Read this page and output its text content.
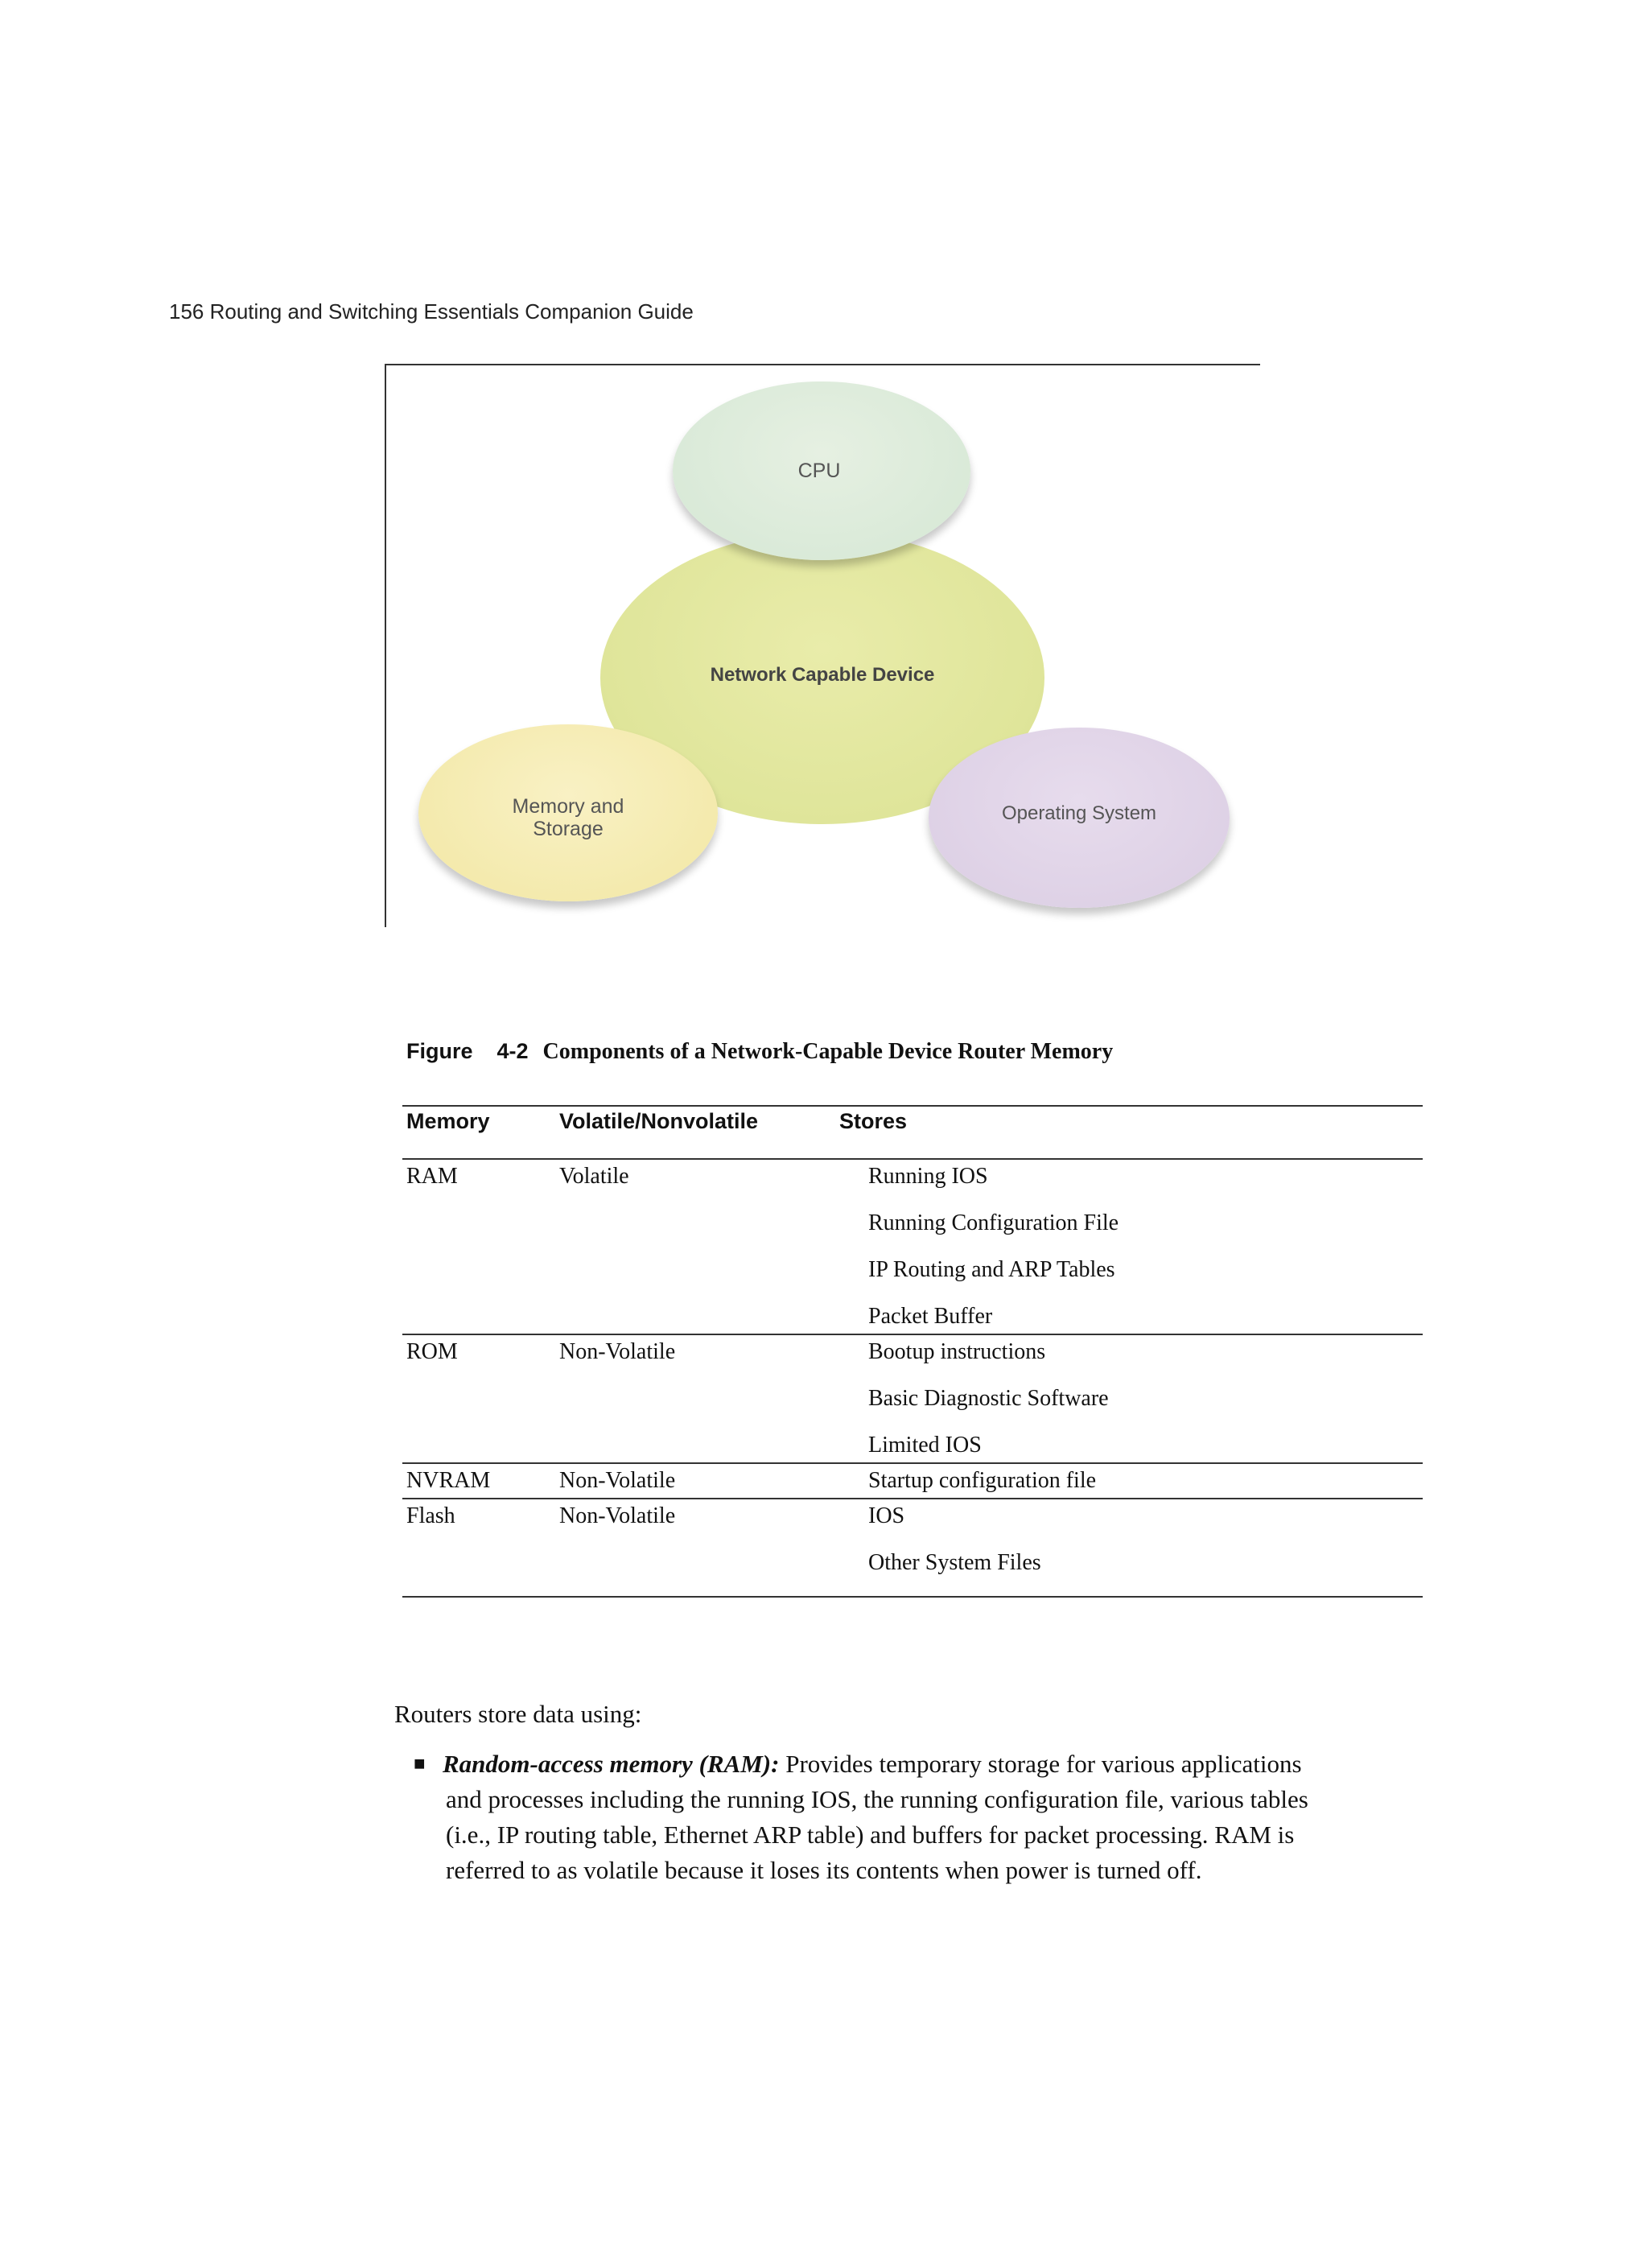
156 Routing and Switching Essentials Companion Guide
Network Capable Device
CPU
Memory and
Storage
Operating System
Figure 4-2 Components of a Network-Capable Device Router Memory
Memory	Volatile/Nonvolatile	Stores
RAM	Volatile	Running IOS
Running Configuration File
IP Routing and ARP Tables
Packet Buffer
ROM	Non-Volatile	Bootup instructions
Basic Diagnostic Software
Limited IOS
NVRAM	Non-Volatile	Startup configuration file
Flash	Non-Volatile	IOS
Other System Files
Routers store data using:
■ Random-access memory (RAM): Provides temporary storage for various applications
and processes including the running IOS, the running configuration file, various tables
(i.e., IP routing table, Ethernet ARP table) and buffers for packet processing. RAM is
referred to as volatile because it loses its contents when power is turned off.
